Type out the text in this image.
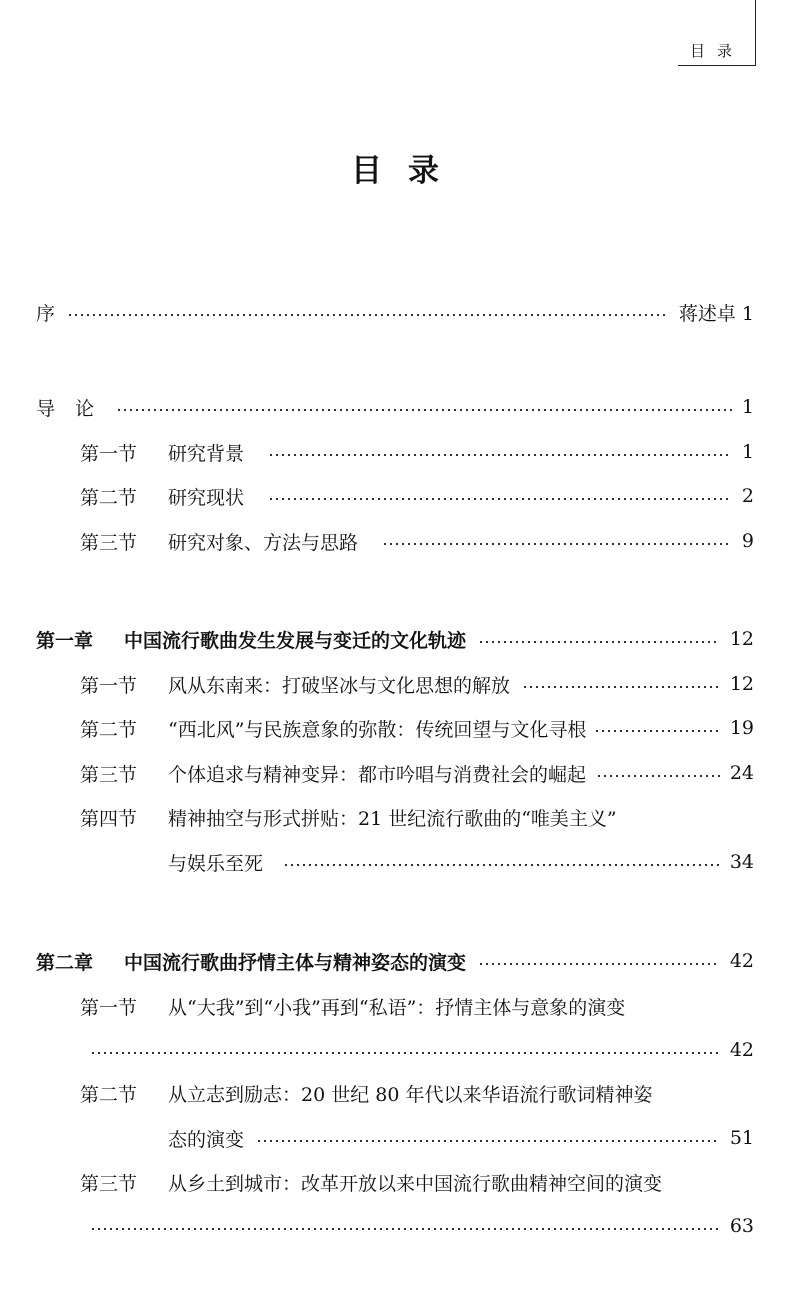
目录
目录
序	蒋述卓 1
导论	1
第一节	研究背景	1
第二节	研究现状	2
第三节	研究对象、方法与思路	9
第一章	中国流行歌曲发生发展与变迁的文化轨迹	12
第一节	风从东南来：打破坚冰与文化思想的解放	12
第二节	“西北风”与民族意象的弥散：传统回望与文化寻根	19
第三节	个体追求与精神变异：都市吟唱与消费社会的崛起	24
第四节	精神抽空与形式拼贴：21 世纪流行歌曲的“唯美主义”
与娱乐至死	34
第二章	中国流行歌曲抒情主体与精神姿态的演变	42
第一节	从“大我”到“小我”再到“私语”：抒情主体与意象的演变
42
第二节	从立志到励志：20 世纪 80 年代以来华语流行歌词精神姿
态的演变	51
第三节	从乡土到城市：改革开放以来中国流行歌曲精神空间的演变
63
